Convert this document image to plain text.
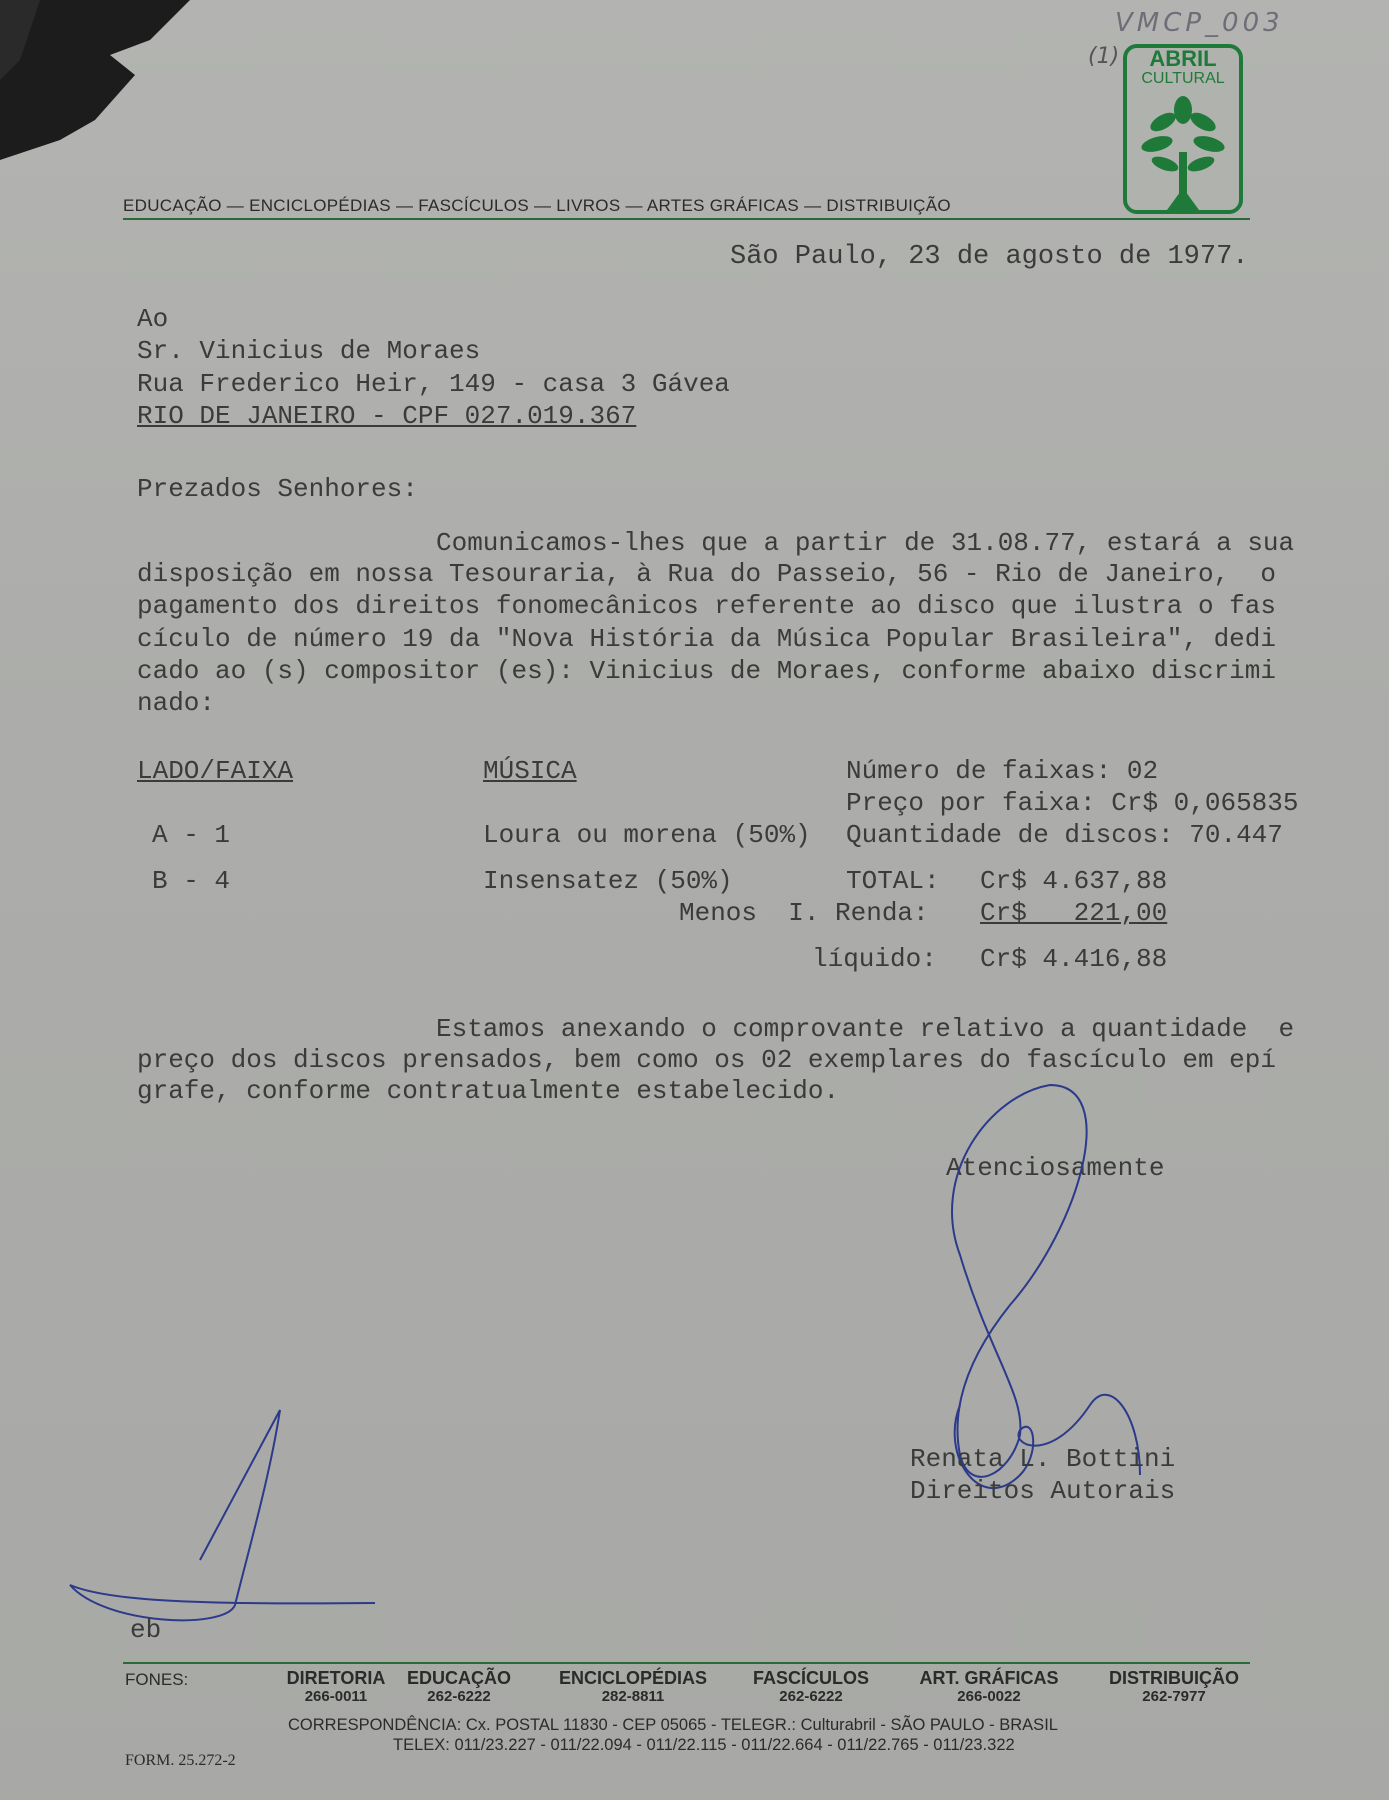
VMCP_003
(1)	ABRIL
CULTURAL
EDUCAÇÃO — ENCICLOPÉDIAS — FASCÍCULOS — LIVROS — ARTES GRÁFICAS — DISTRIBUIÇÃO
São Paulo, 23 de agosto de 1977.
Ao
Sr. Vinicius de Moraes
Rua Frederico Heir, 149 - casa 3 Gávea
RIO DE JANEIRO - CPF 027.019.367
Prezados Senhores:
Comunicamos-lhes que a partir de 31.08.77, estará a sua
disposição em nossa Tesouraria, à Rua do Passeio, 56 - Rio de Janeiro,  o
pagamento dos direitos fonomecânicos referente ao disco que ilustra o fas
cículo de número 19 da "Nova História da Música Popular Brasileira", dedi
cado ao (s) compositor (es): Vinicius de Moraes, conforme abaixo discrimi
nado:
LADO/FAIXA	MÚSICA	Número de faixas: 02
Preço por faixa: Cr$ 0,065835
A - 1	Loura ou morena (50%) Quantidade de discos: 70.447
B - 4	Insensatez (50%)	TOTAL: Cr$ 4.637,88
Menos  I. Renda: Cr$   221,00
líquido: Cr$ 4.416,88
Estamos anexando o comprovante relativo a quantidade  e
preço dos discos prensados, bem como os 02 exemplares do fascículo em epí
grafe, conforme contratualmente estabelecido.
Atenciosamente
Renata L. Bottini
Direitos Autorais
eb
FONES:	DIRETORIA
266-0011
EDUCAÇÃO
262-6222
ENCICLOPÉDIAS
282-8811
FASCÍCULOS
262-6222
ART. GRÁFICAS
266-0022
DISTRIBUIÇÃO
262-7977
CORRESPONDÊNCIA: Cx. POSTAL 11830 - CEP 05065 - TELEGR.: Culturabril - SÃO PAULO - BRASIL
TELEX: 011/23.227 - 011/22.094 - 011/22.115 - 011/22.664 - 011/22.765 - 011/23.322
FORM. 25.272-2
